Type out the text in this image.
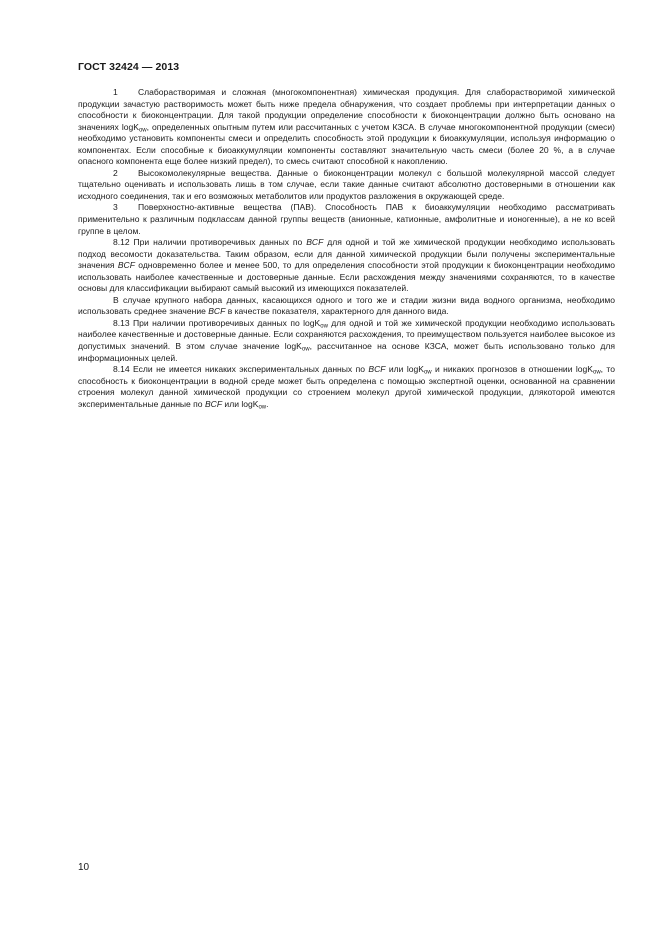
ГОСТ 32424 — 2013

1 Слаборастворимая и сложная (многокомпонентная) химическая продукция. Для слаборастворимой химической продукции зачастую растворимость может быть ниже предела обнаружения, что создает проблемы при интерпретации данных о способности к биоконцентрации. Для такой продукции определение способности к биоконцентрации должно быть основано на значениях logK$_{ow}$, определенных опытным путем или рассчитанных с учетом КЗСА. В случае многокомпонентной продукции (смеси) необходимо установить компоненты смеси и определить способность этой продукции к биоаккумуляции, используя информацию о компонентах. Если способные к биоаккумуляции компоненты составляют значительную часть смеси (более 20 %, а в случае опасного компонента еще более низкий предел), то смесь считают способной к накоплению.

2 Высокомолекулярные вещества. Данные о биоконцентрации молекул с большой молекулярной массой следует тщательно оценивать и использовать лишь в том случае, если такие данные считают абсолютно достоверными в отношении как исходного соединения, так и его возможных метаболитов или продуктов разложения в окружающей среде.

3 Поверхностно-активные вещества (ПАВ). Способность ПАВ к биоаккумуляции необходимо рассматривать применительно к различным подклассам данной группы веществ (анионные, катионные, амфолитные и ионогенные), а не ко всей группе в целом.

8.12 При наличии противоречивых данных по BCF для одной и той же химической продукции необходимо использовать подход весомости доказательства. Таким образом, если для данной химической продукции были получены экспериментальные значения BCF одновременно более и менее 500, то для определения способности этой продукции к биоконцентрации необходимо использовать наиболее качественные и достоверные данные. Если расхождения между значениями сохраняются, то в качестве основы для классификации выбирают самый высокий из имеющихся показателей.

В случае крупного набора данных, касающихся одного и того же и стадии жизни вида водного организма, необходимо использовать среднее значение BCF в качестве показателя, характерного для данного вида.

8.13 При наличии противоречивых данных по logK$_{ow}$ для одной и той же химической продукции необходимо использовать наиболее качественные и достоверные данные. Если сохраняются расхождения, то преимуществом пользуется наиболее высокое из допустимых значений. В этом случае значение logK$_{ow}$, рассчитанное на основе КЗСА, может быть использовано только для информационных целей.

8.14 Если не имеется никаких экспериментальных данных по BCF или logK$_{ow}$ и никаких прогнозов в отношении logK$_{ow}$, то способность к биоконцентрации в водной среде может быть определена с помощью экспертной оценки, основанной на сравнении строения молекул данной химической продукции со строением молекул другой химической продукции, длякоторой имеются экспериментальные данные по BCF или logK$_{ow}$.

10
